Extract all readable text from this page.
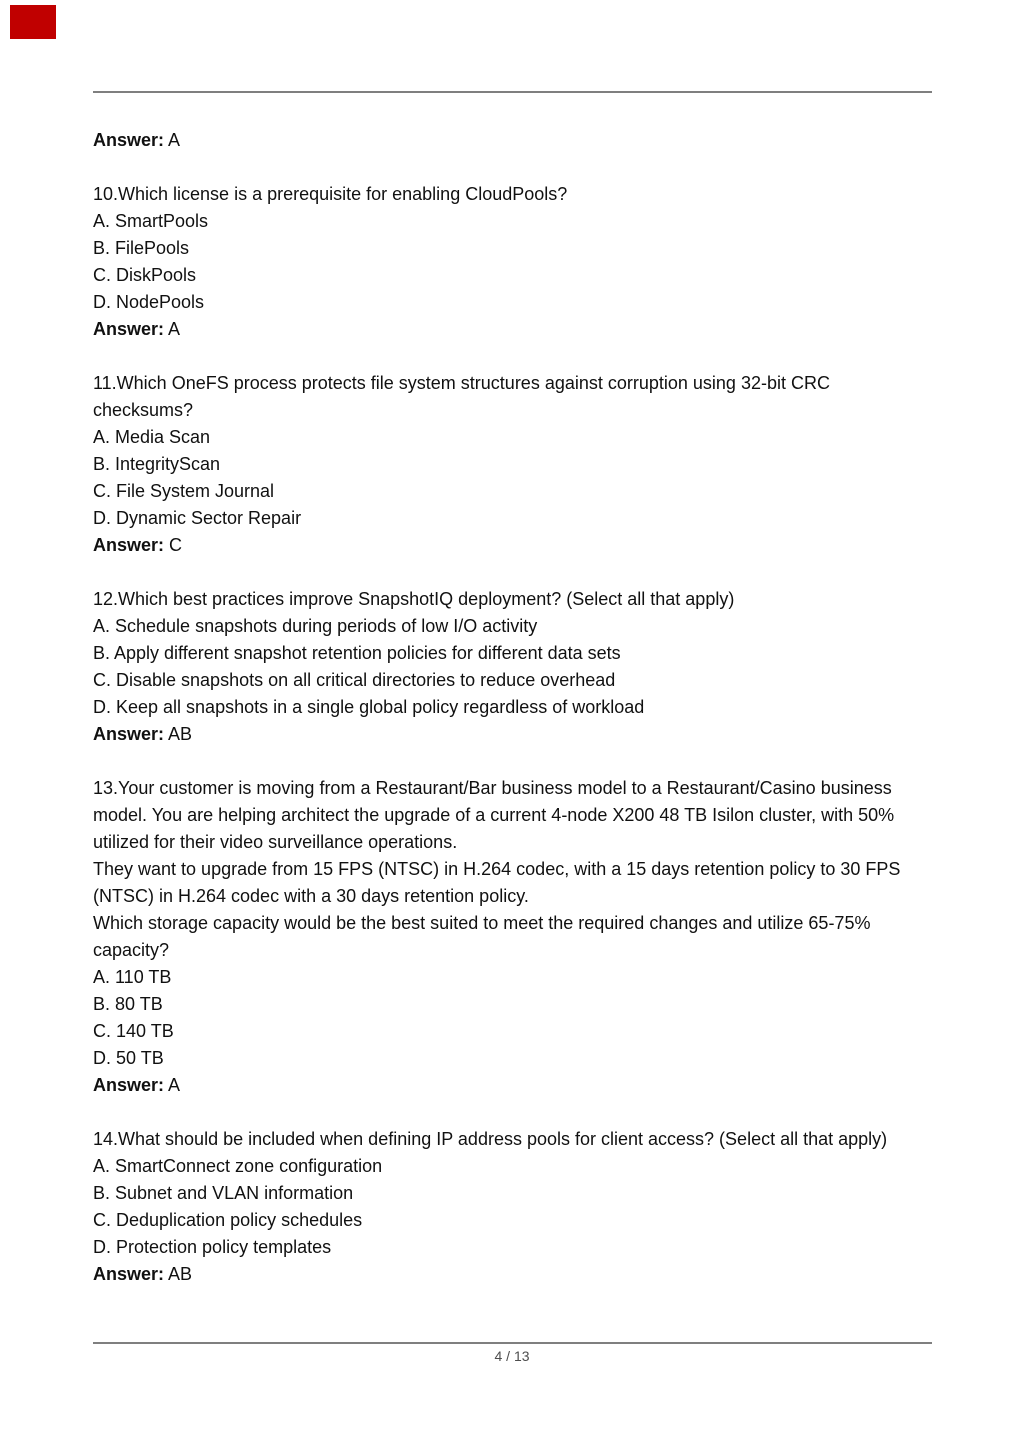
Answer: A
10.Which license is a prerequisite for enabling CloudPools?
A. SmartPools
B. FilePools
C. DiskPools
D. NodePools
Answer: A
11.Which OneFS process protects file system structures against corruption using 32-bit CRC
checksums?
A. Media Scan
B. IntegrityScan
C. File System Journal
D. Dynamic Sector Repair
Answer: C
12.Which best practices improve SnapshotIQ deployment? (Select all that apply)
A. Schedule snapshots during periods of low I/O activity
B. Apply different snapshot retention policies for different data sets
C. Disable snapshots on all critical directories to reduce overhead
D. Keep all snapshots in a single global policy regardless of workload
Answer: AB
13.Your customer is moving from a Restaurant/Bar business model to a Restaurant/Casino business
model. You are helping architect the upgrade of a current 4-node X200 48 TB Isilon cluster, with 50%
utilized for their video surveillance operations.
They want to upgrade from 15 FPS (NTSC) in H.264 codec, with a 15 days retention policy to 30 FPS
(NTSC) in H.264 codec with a 30 days retention policy.
Which storage capacity would be the best suited to meet the required changes and utilize 65-75%
capacity?
A. 110 TB
B. 80 TB
C. 140 TB
D. 50 TB
Answer: A
14.What should be included when defining IP address pools for client access? (Select all that apply)
A. SmartConnect zone configuration
B. Subnet and VLAN information
C. Deduplication policy schedules
D. Protection policy templates
Answer: AB
4 / 13
